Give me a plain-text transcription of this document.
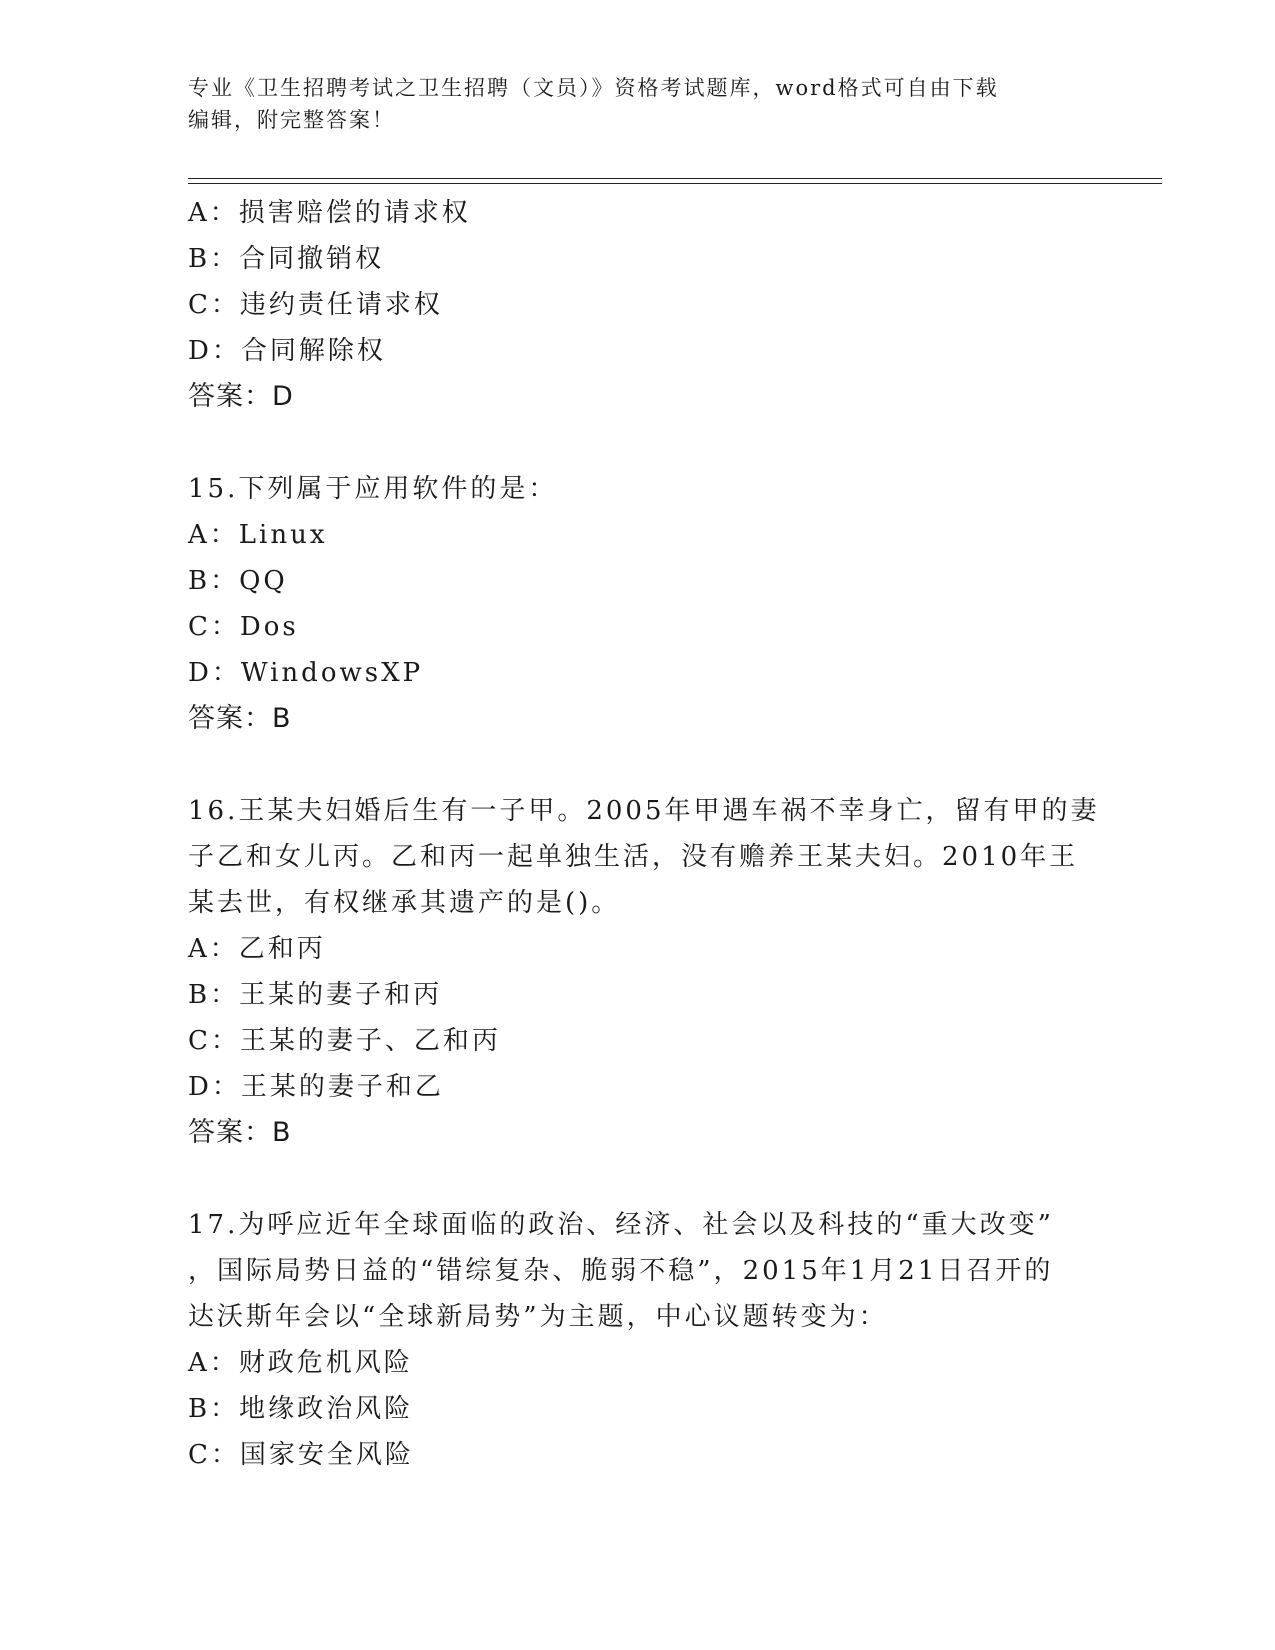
专业《卫生招聘考试之卫生招聘（文员）》资格考试题库，word格式可自由下载
编辑，附完整答案！
A：损害赔偿的请求权
B：合同撤销权
C：违约责任请求权
D：合同解除权
答案：D
15.下列属于应用软件的是：
A：Linux
B：QQ
C：Dos
D：WindowsXP
答案：B
16.王某夫妇婚后生有一子甲。2005年甲遇车祸不幸身亡，留有甲的妻
子乙和女儿丙。乙和丙一起单独生活，没有赡养王某夫妇。2010年王
某去世，有权继承其遗产的是()。
A：乙和丙
B：王某的妻子和丙
C：王某的妻子、乙和丙
D：王某的妻子和乙
答案：B
17.为呼应近年全球面临的政治、经济、社会以及科技的“重大改变”
，国际局势日益的“错综复杂、脆弱不稳”，2015年1月21日召开的
达沃斯年会以“全球新局势”为主题，中心议题转变为：
A：财政危机风险
B：地缘政治风险
C：国家安全风险
